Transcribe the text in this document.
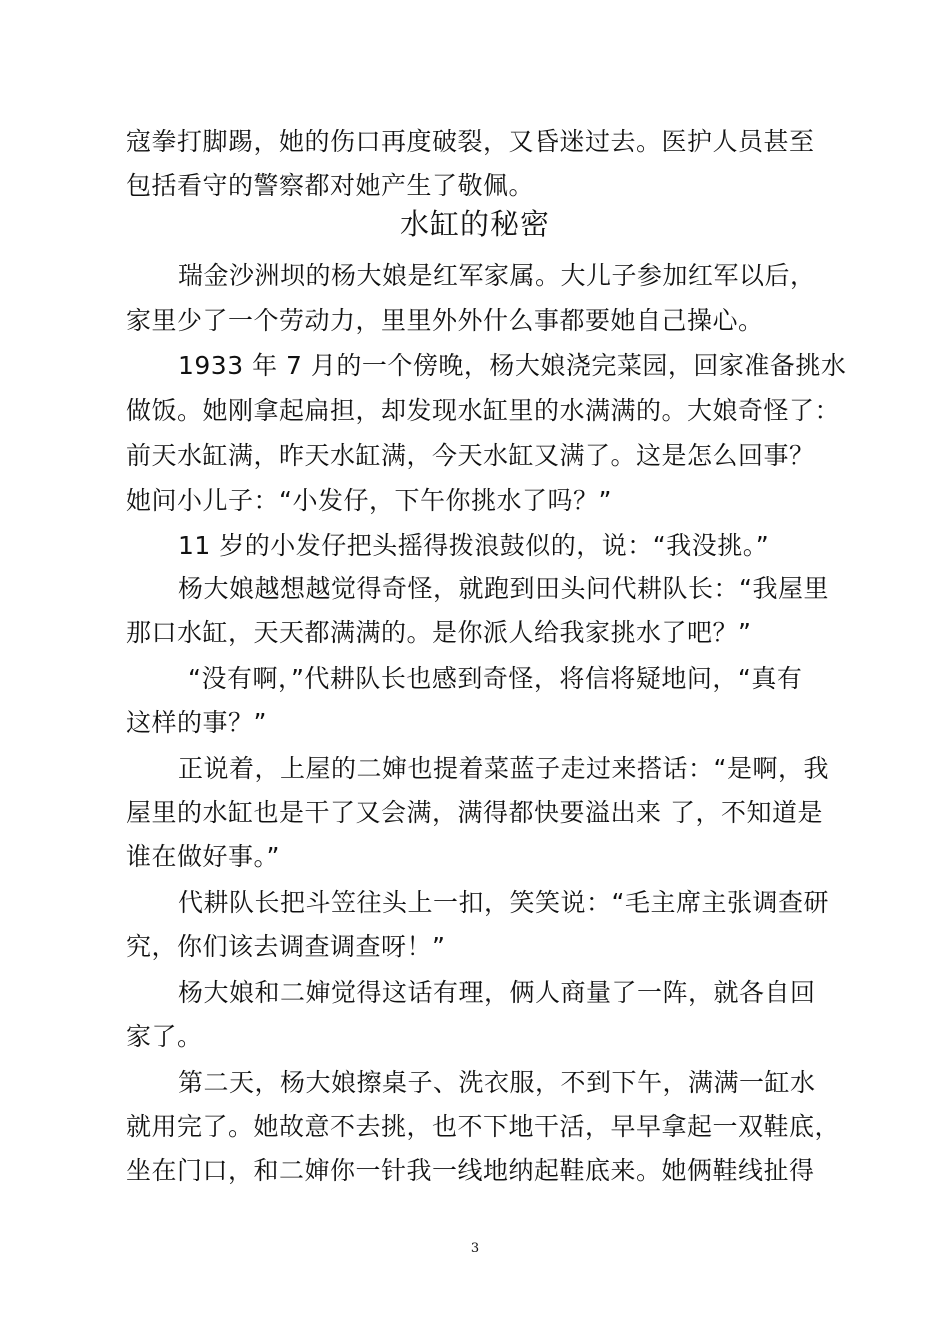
寇拳打脚踢，她的伤口再度破裂，又昏迷过去。医护人员甚至
包括看守的警察都对她产生了敬佩。
水缸的秘密
瑞金沙洲坝的杨大娘是红军家属。大儿子参加红军以后，
家里少了一个劳动力，里里外外什么事都要她自己操心。
1933 年 7 月的一个傍晚，杨大娘浇完菜园，回家准备挑水
做饭。她刚拿起扁担，却发现水缸里的水满满的。大娘奇怪了：
前天水缸满，昨天水缸满，今天水缸又满了。这是怎么回事？
她问小儿子：“小发仔，下午你挑水了吗？”
11 岁的小发仔把头摇得拨浪鼓似的，说：“我没挑。”
杨大娘越想越觉得奇怪，就跑到田头问代耕队长：“我屋里
那口水缸，天天都满满的。是你派人给我家挑水了吧？”
“没有啊，”代耕队长也感到奇怪，将信将疑地问，“真有
这样的事？”
正说着，上屋的二婶也提着菜蓝子走过来搭话：“是啊，我
屋里的水缸也是干了又会满，满得都快要溢出来 了，不知道是
谁在做好事。”
代耕队长把斗笠往头上一扣，笑笑说：“毛主席主张调查研
究，你们该去调查调查呀！”
杨大娘和二婶觉得这话有理，俩人商量了一阵，就各自回
家了。
第二天，杨大娘擦桌子、洗衣服，不到下午，满满一缸水
就用完了。她故意不去挑，也不下地干活，早早拿起一双鞋底，
坐在门口，和二婶你一针我一线地纳起鞋底来。她俩鞋线扯得
3
